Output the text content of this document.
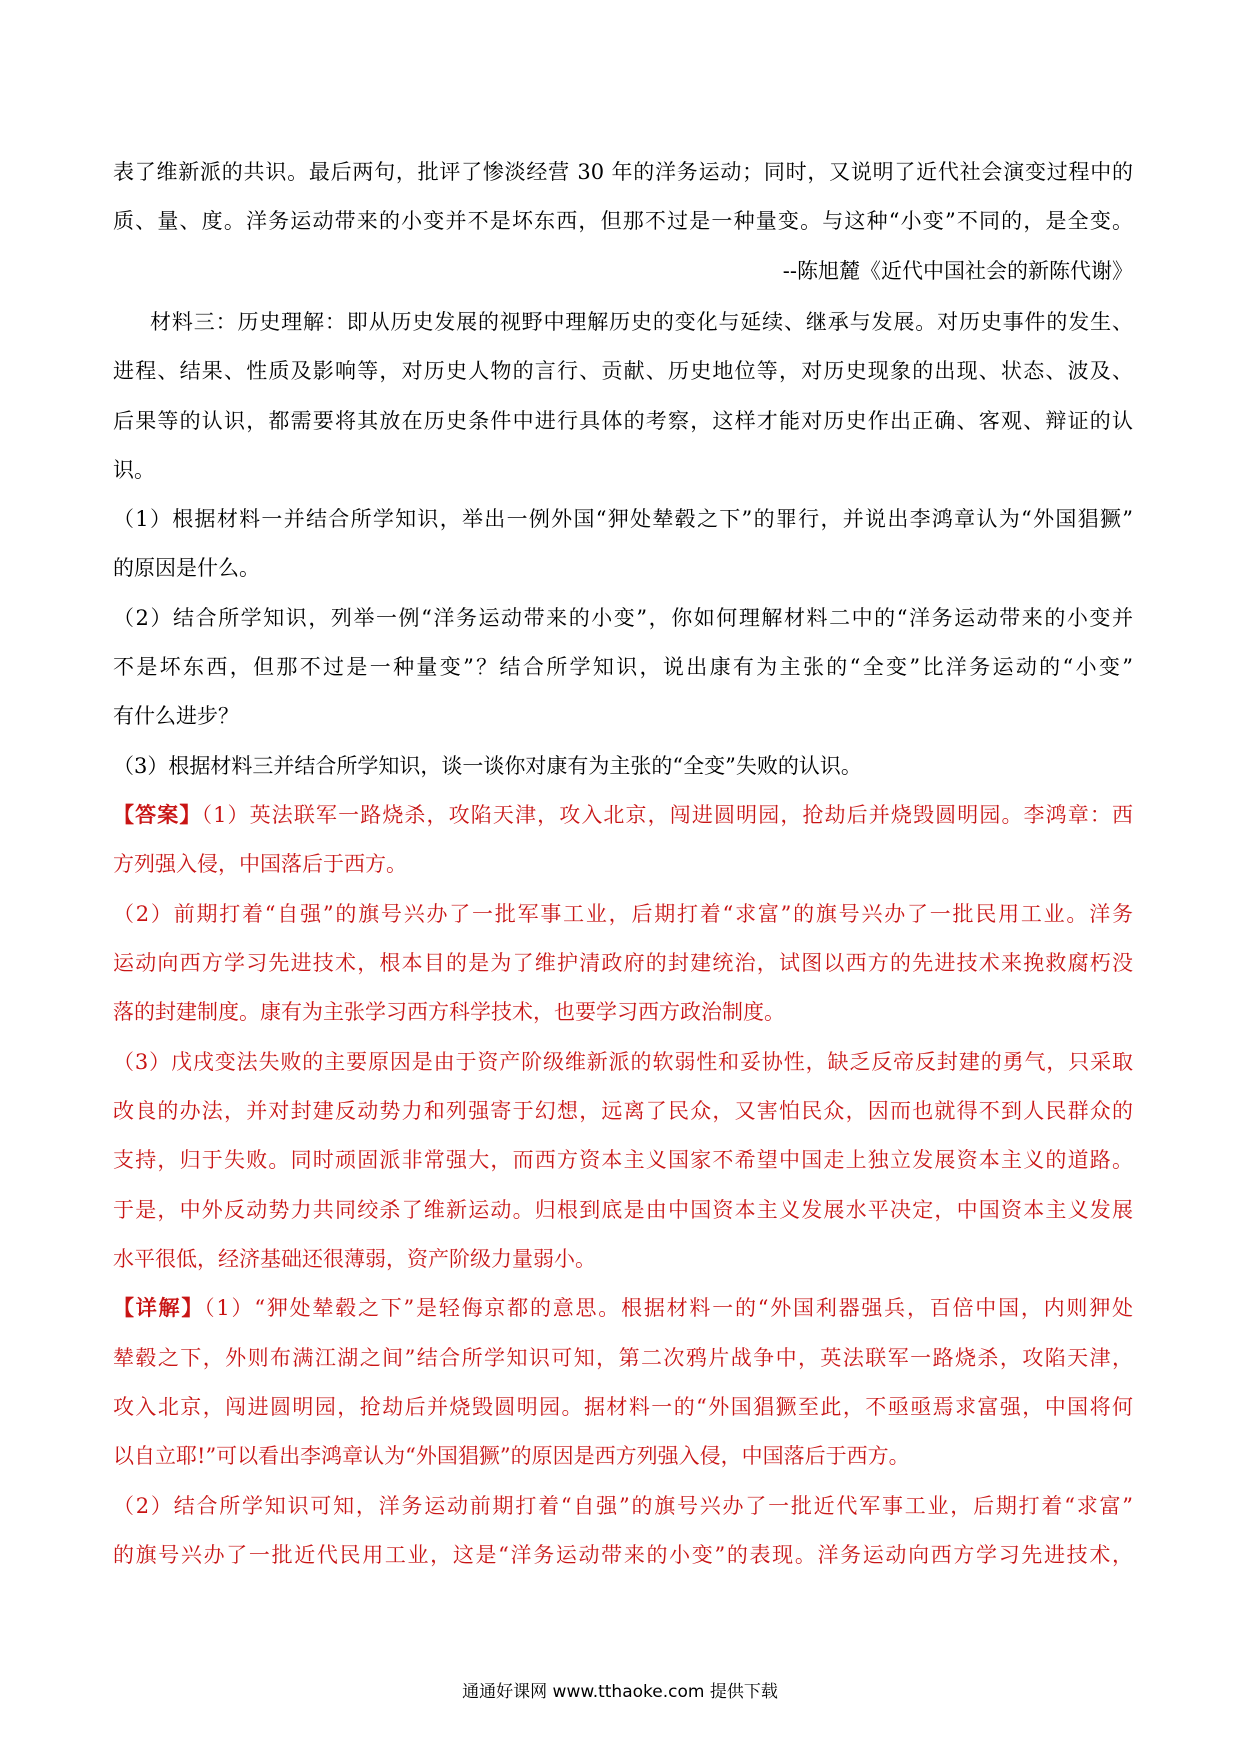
表了维新派的共识。最后两句，批评了惨淡经营 30 年的洋务运动；同时，又说明了近代社会演变过程中的
质、量、度。洋务运动带来的小变并不是坏东西，但那不过是一种量变。与这种“小变”不同的，是全变。
--陈旭麓《近代中国社会的新陈代谢》
材料三：历史理解：即从历史发展的视野中理解历史的变化与延续、继承与发展。对历史事件的发生、
进程、结果、性质及影响等，对历史人物的言行、贡献、历史地位等，对历史现象的出现、状态、波及、
后果等的认识，都需要将其放在历史条件中进行具体的考察，这样才能对历史作出正确、客观、辩证的认
识。
（1）根据材料一并结合所学知识，举出一例外国“狎处辇毂之下”的罪行，并说出李鸿章认为“外国猖獗”
的原因是什么。
（2）结合所学知识，列举一例“洋务运动带来的小变”，你如何理解材料二中的“洋务运动带来的小变并
不是坏东西，但那不过是一种量变”？结合所学知识，说出康有为主张的“全变”比洋务运动的“小变”
有什么进步？
（3）根据材料三并结合所学知识，谈一谈你对康有为主张的“全变”失败的认识。
【答案】（1）英法联军一路烧杀，攻陷天津，攻入北京，闯进圆明园，抢劫后并烧毁圆明园。李鸿章：西
方列强入侵，中国落后于西方。
（2）前期打着“自强”的旗号兴办了一批军事工业，后期打着“求富”的旗号兴办了一批民用工业。洋务
运动向西方学习先进技术，根本目的是为了维护清政府的封建统治，试图以西方的先进技术来挽救腐朽没
落的封建制度。康有为主张学习西方科学技术，也要学习西方政治制度。
（3）戊戌变法失败的主要原因是由于资产阶级维新派的软弱性和妥协性，缺乏反帝反封建的勇气，只采取
改良的办法，并对封建反动势力和列强寄于幻想，远离了民众，又害怕民众，因而也就得不到人民群众的
支持，归于失败。同时顽固派非常强大，而西方资本主义国家不希望中国走上独立发展资本主义的道路。
于是，中外反动势力共同绞杀了维新运动。归根到底是由中国资本主义发展水平决定，中国资本主义发展
水平很低，经济基础还很薄弱，资产阶级力量弱小。
【详解】（1）“狎处辇毂之下”是轻侮京都的意思。根据材料一的“外国利器强兵，百倍中国，内则狎处
辇毂之下，外则布满江湖之间”结合所学知识可知，第二次鸦片战争中，英法联军一路烧杀，攻陷天津，
攻入北京，闯进圆明园，抢劫后并烧毁圆明园。据材料一的“外国猖獗至此，不亟亟焉求富强，中国将何
以自立耶!”可以看出李鸿章认为“外国猖獗”的原因是西方列强入侵，中国落后于西方。
（2）结合所学知识可知，洋务运动前期打着“自强”的旗号兴办了一批近代军事工业，后期打着“求富”
的旗号兴办了一批近代民用工业，这是“洋务运动带来的小变”的表现。洋务运动向西方学习先进技术，
通通好课网 www.tthaoke.com 提供下载
